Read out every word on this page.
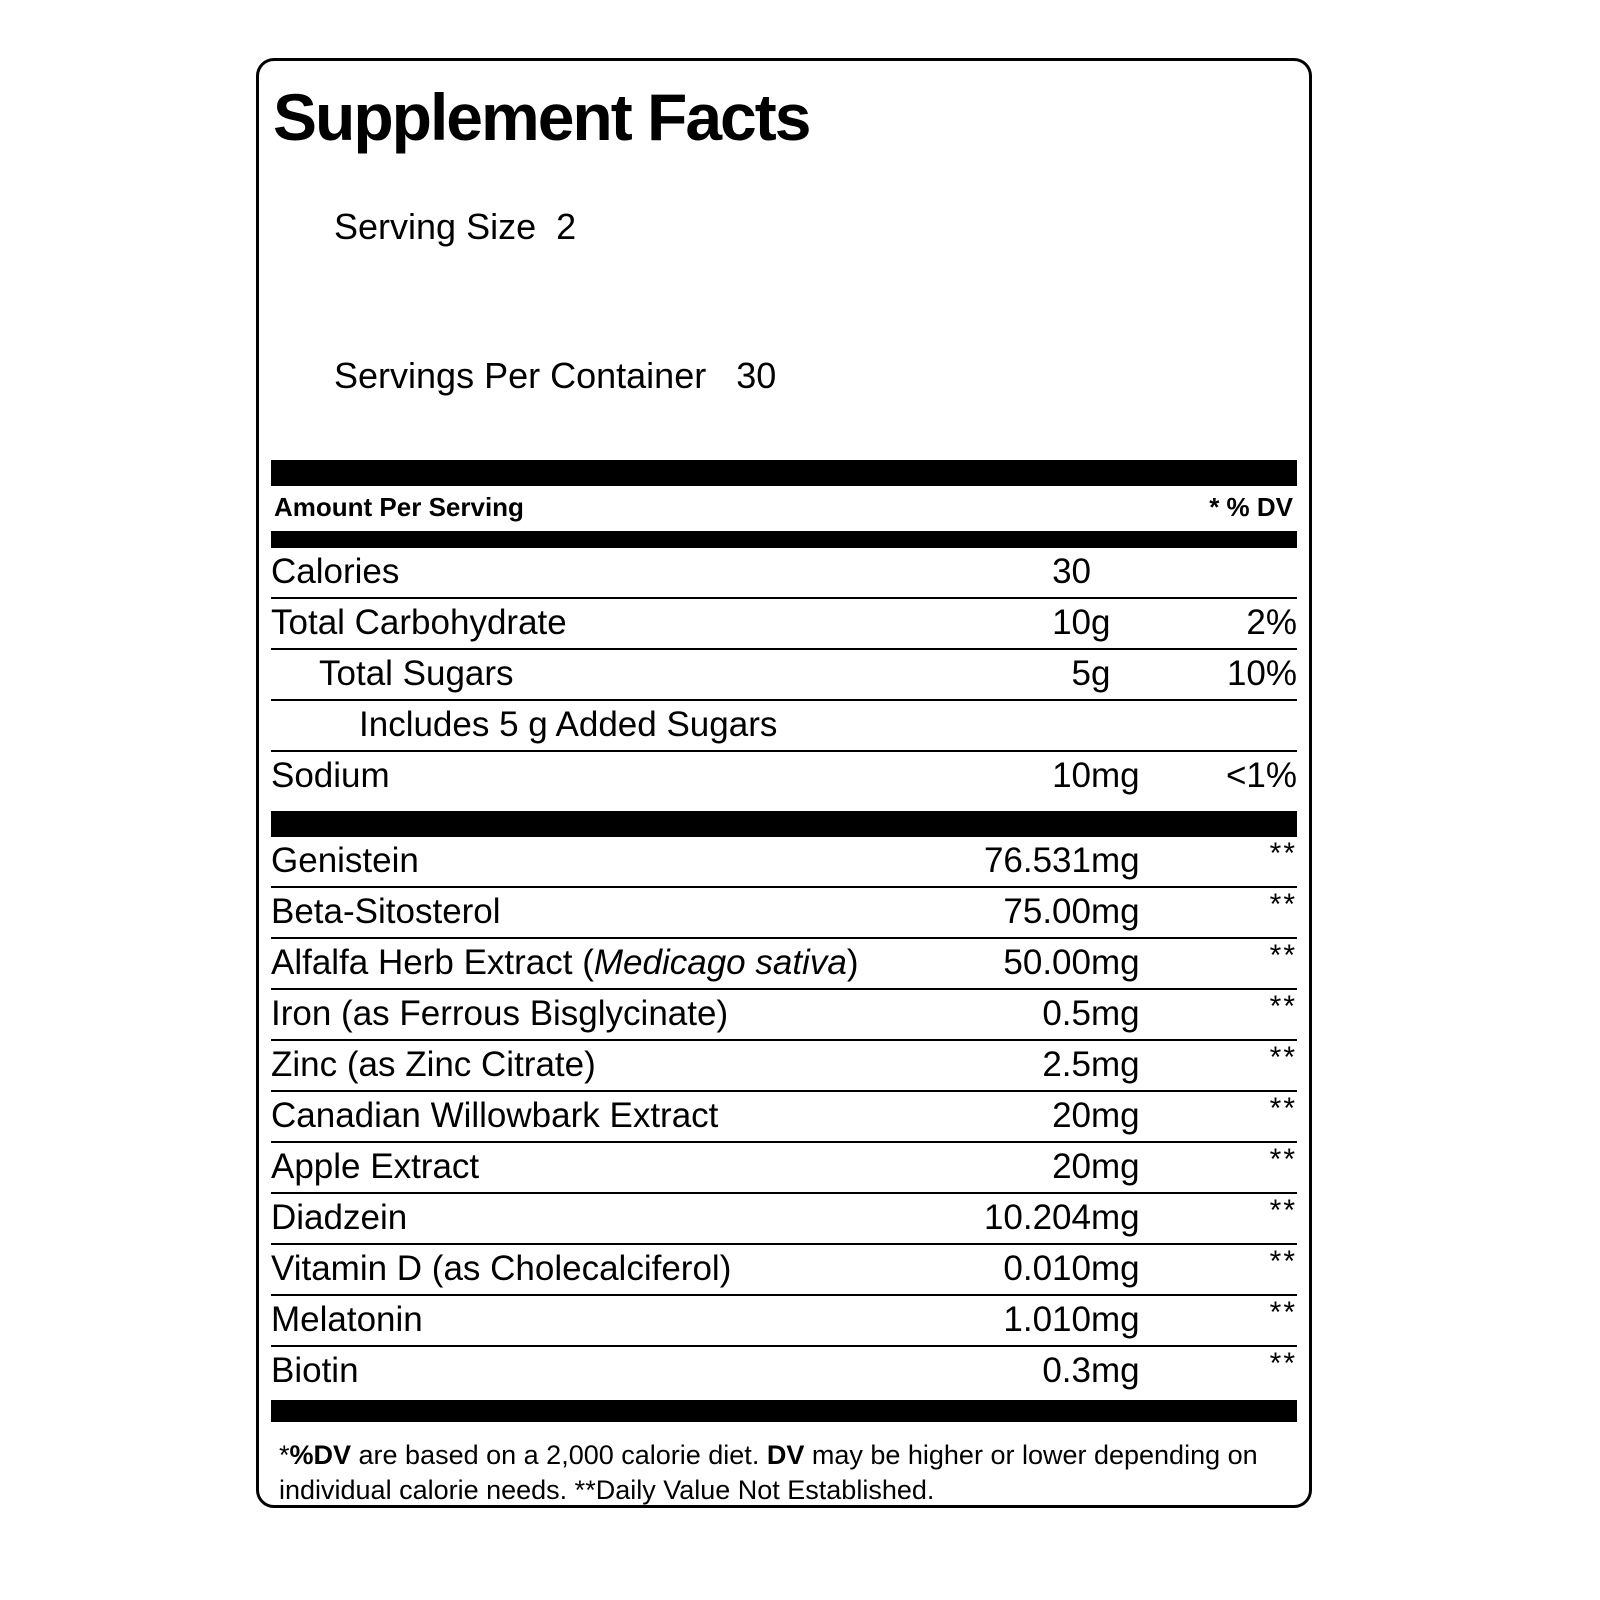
Supplement Facts

Serving Size 2

Servings Per Container 30

Amount Per Serving	* % DV
Calories	30		
Total Carbohydrate	10	g	2%
Total Sugars	5	g	10%
Includes 5 g Added Sugars			
Sodium	10	mg	<1%
Genistein	76.531	mg	**
Beta-Sitosterol	75.00	mg	**
Alfalfa Herb Extract (Medicago sativa)	50.00	mg	**
Iron (as Ferrous Bisglycinate)	0.5	mg	**
Zinc (as Zinc Citrate)	2.5	mg	**
Canadian Willowbark Extract	20	mg	**
Apple Extract	20	mg	**
Diadzein	10.204	mg	**
Vitamin D (as Cholecalciferol)	0.010	mg	**
Melatonin	1.010	mg	**
Biotin	0.3	mg	**
*%DV are based on a 2,000 calorie diet. DV may be higher or lower depending on individual calorie needs. **Daily Value Not Established.
